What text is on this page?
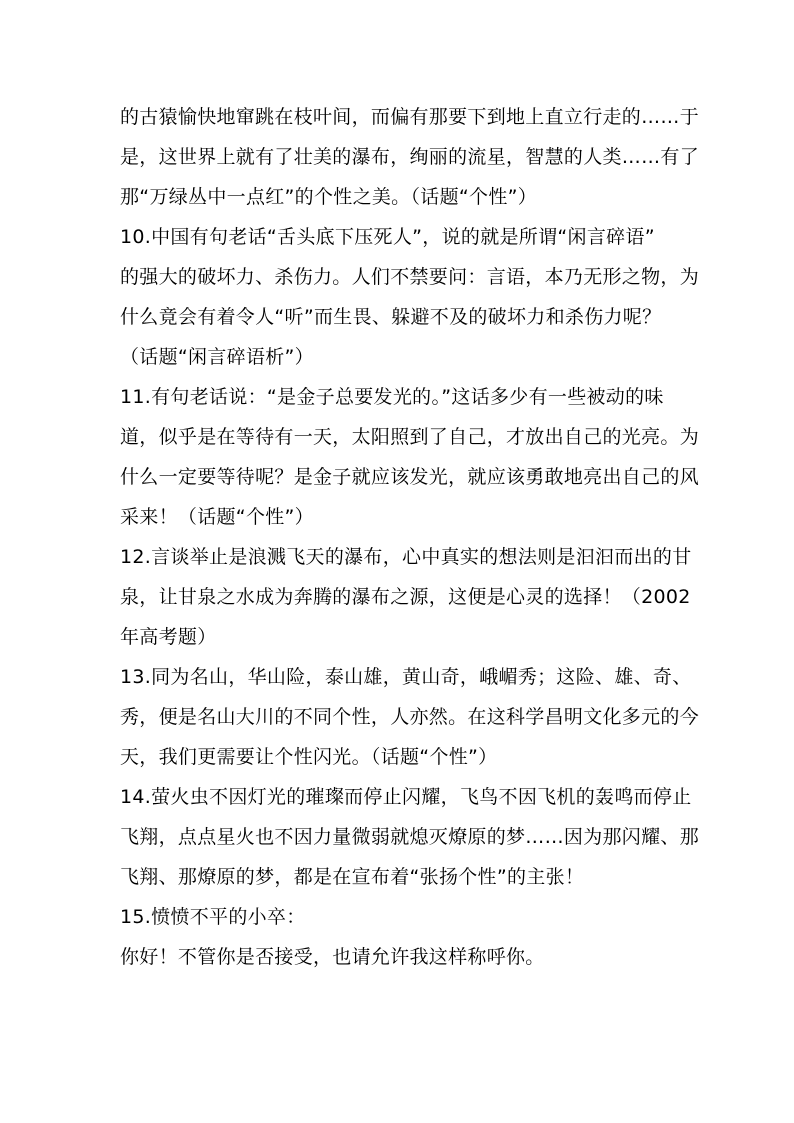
的古猿愉快地窜跳在枝叶间，而偏有那要下到地上直立行走的……于
是，这世界上就有了壮美的瀑布，绚丽的流星，智慧的人类……有了
那“万绿丛中一点红”的个性之美。（话题“个性”）
10.中国有句老话“舌头底下压死人”，说的就是所谓“闲言碎语”
的强大的破坏力、杀伤力。人们不禁要问：言语，本乃无形之物，为
什么竟会有着令人“听”而生畏、躲避不及的破坏力和杀伤力呢？
（话题“闲言碎语析”）
11.有句老话说：“是金子总要发光的。”这话多少有一些被动的味
道，似乎是在等待有一天，太阳照到了自己，才放出自己的光亮。为
什么一定要等待呢？是金子就应该发光，就应该勇敢地亮出自己的风
采来！（话题“个性”）
12.言谈举止是浪溅飞天的瀑布，心中真实的想法则是汩汩而出的甘
泉，让甘泉之水成为奔腾的瀑布之源，这便是心灵的选择！（2002
年高考题）
13.同为名山，华山险，泰山雄，黄山奇，峨嵋秀；这险、雄、奇、
秀，便是名山大川的不同个性，人亦然。在这科学昌明文化多元的今
天，我们更需要让个性闪光。（话题“个性”）
14.萤火虫不因灯光的璀璨而停止闪耀，飞鸟不因飞机的轰鸣而停止
飞翔，点点星火也不因力量微弱就熄灭燎原的梦……因为那闪耀、那
飞翔、那燎原的梦，都是在宣布着“张扬个性”的主张！
15.愤愤不平的小卒：
你好！不管你是否接受，也请允许我这样称呼你。
